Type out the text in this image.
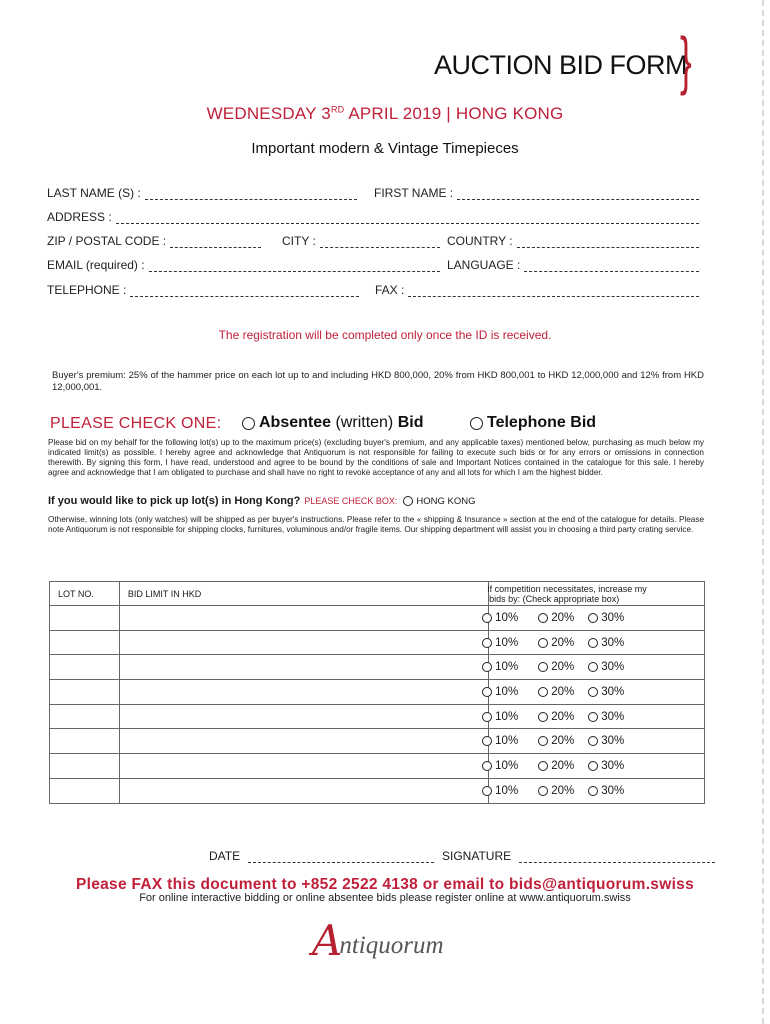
AUCTION BID FORM
}
WEDNESDAY 3RD APRIL 2019 | HONG KONG
Important modern & Vintage Timepieces
LAST NAME (S) :	FIRST NAME :
ADDRESS :
ZIP / POSTAL CODE :	CITY :	COUNTRY :
EMAIL (required) :	LANGUAGE :
TELEPHONE :	FAX :
The registration will be completed only once the ID is received.
Buyer's premium: 25% of the hammer price on each lot up to and including HKD 800,000, 20% from HKD 800,001 to HKD 12,000,000 and 12% from HKD 12,000,001.
PLEASE CHECK ONE: Absentee (written) Bid	Telephone Bid
Please bid on my behalf for the following lot(s) up to the maximum price(s) (excluding buyer's premium, and any applicable taxes) mentioned below, purchasing as much below my indicated limit(s) as possible. I hereby agree and acknowledge that Antiquorum is not responsible for failing to execute such bids or for any errors or omissions in connection therewith. By signing this form, I have read, understood and agree to be bound by the conditions of sale and Important Notices contained in the catalogue for this sale. I hereby agree and acknowledge that I am obligated to purchase and shall have no right to revoke acceptance of any and all lots for which I am the highest bidder.
If you would like to pick up lot(s) in Hong Kong? PLEASE CHECK BOX: HONG KONG
Otherwise, winning lots (only watches) will be shipped as per buyer's instructions. Please refer to the « shipping & Insurance » section at the end of the catalogue for details. Please note Antiquorum is not responsible for shipping clocks, furnitures, voluminous and/or fragile items. Our shipping department will assist you in choosing a third party crating service.
LOT NO.	BID LIMIT IN HKD	If competition necessitates, increase my
bids by: (Check appropriate box)

		10% 20% 30%

		10% 20% 30%

		10% 20% 30%

		10% 20% 30%

		10% 20% 30%

		10% 20% 30%

		10% 20% 30%

		10% 20% 30%
DATE	SIGNATURE
Please FAX this document to +852 2522 4138 or email to bids@antiquorum.swiss
For online interactive bidding or online absentee bids please register online at www.antiquorum.swiss
A
ntiquorum
